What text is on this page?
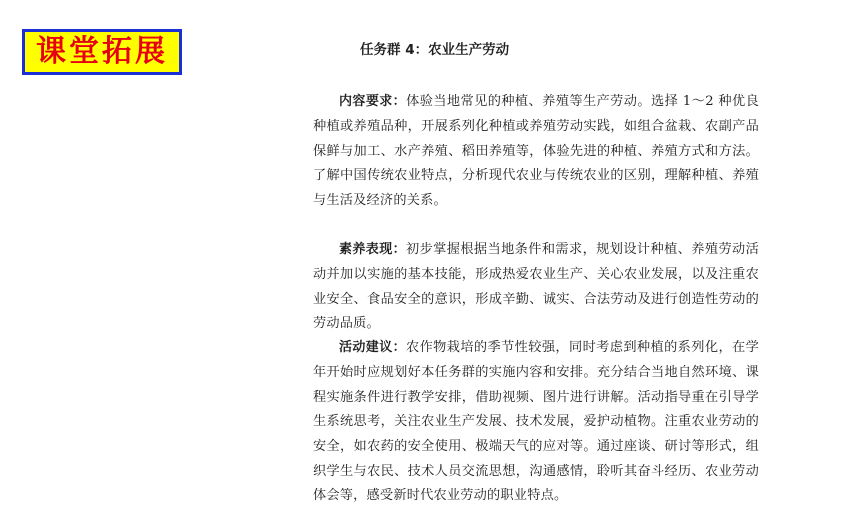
课堂拓展	任务群 4：农业生产劳动

内容要求：体验当地常见的种植、养殖等生产劳动。选择 1～2 种优良种植或养殖品种，开展系列化种植或养殖劳动实践，如组合盆栽、农副产品保鲜与加工、水产养殖、稻田养殖等，体验先进的种植、养殖方式和方法。了解中国传统农业特点，分析现代农业与传统农业的区别，理解种植、养殖与生活及经济的关系。

素养表现：初步掌握根据当地条件和需求，规划设计种植、养殖劳动活动并加以实施的基本技能，形成热爱农业生产、关心农业发展，以及注重农业安全、食品安全的意识，形成辛勤、诚实、合法劳动及进行创造性劳动的劳动品质。

活动建议：农作物栽培的季节性较强，同时考虑到种植的系列化，在学年开始时应规划好本任务群的实施内容和安排。充分结合当地自然环境、课程实施条件进行教学安排，借助视频、图片进行讲解。活动指导重在引导学生系统思考，关注农业生产发展、技术发展，爱护动植物。注重农业劳动的安全，如农药的安全使用、极端天气的应对等。通过座谈、研讨等形式，组织学生与农民、技术人员交流思想，沟通感情，聆听其奋斗经历、农业劳动体会等，感受新时代农业劳动的职业特点。
